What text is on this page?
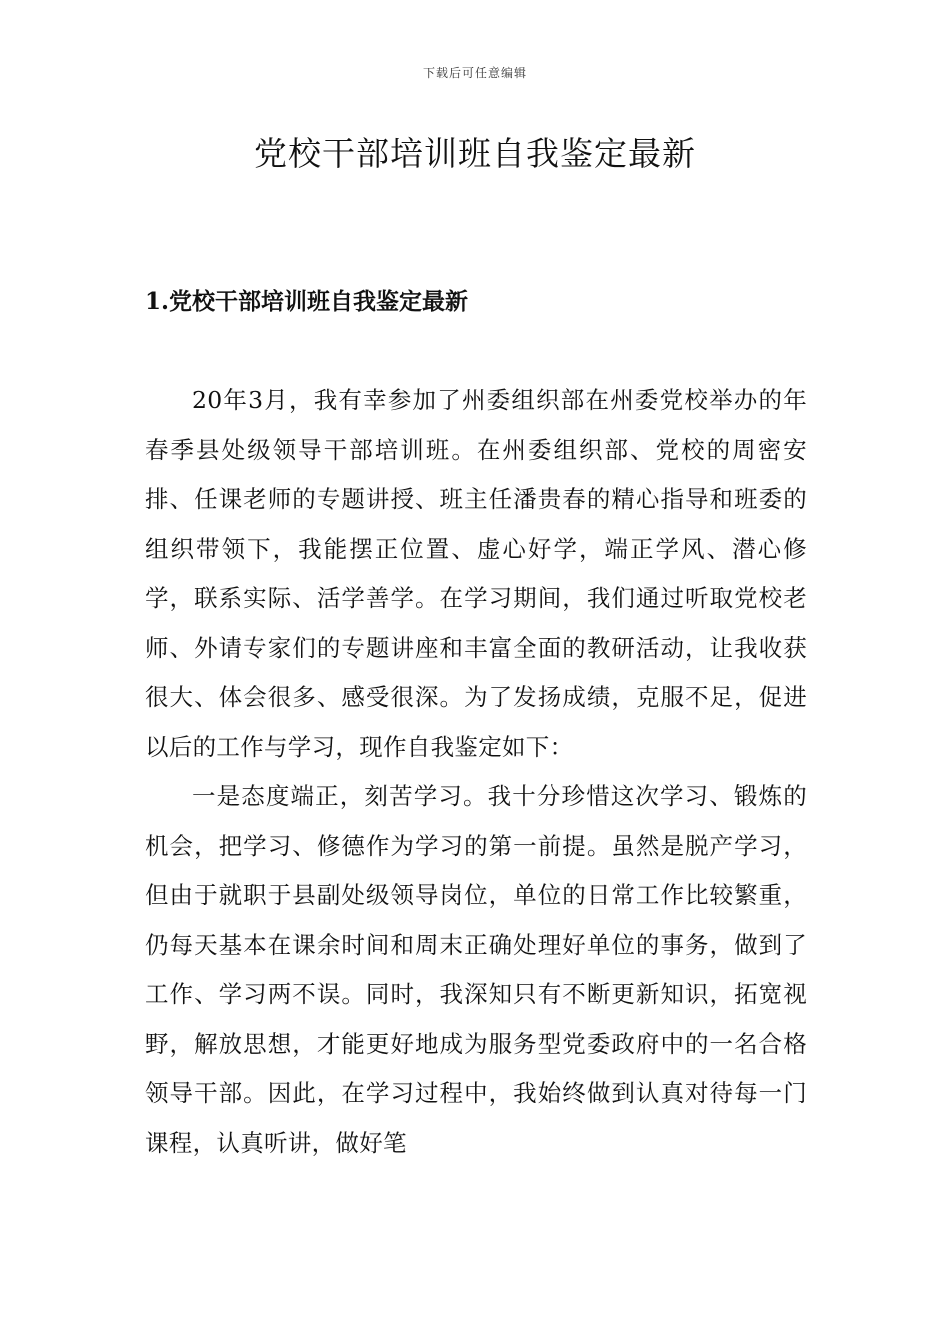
下载后可任意编辑
党校干部培训班自我鉴定最新
1.党校干部培训班自我鉴定最新

20年3月，我有幸参加了州委组织部在州委党校举办的年春季县处级领导干部培训班。在州委组织部、党校的周密安排、任课老师的专题讲授、班主任潘贵春的精心指导和班委的组织带领下，我能摆正位置、虚心好学，端正学风、潜心修学，联系实际、活学善学。在学习期间，我们通过听取党校老师、外请专家们的专题讲座和丰富全面的教研活动，让我收获很大、体会很多、感受很深。为了发扬成绩，克服不足，促进以后的工作与学习，现作自我鉴定如下：

一是态度端正，刻苦学习。我十分珍惜这次学习、锻炼的机会，把学习、修德作为学习的第一前提。虽然是脱产学习，但由于就职于县副处级领导岗位，单位的日常工作比较繁重，仍每天基本在课余时间和周末正确处理好单位的事务，做到了工作、学习两不误。同时，我深知只有不断更新知识，拓宽视野，解放思想，才能更好地成为服务型党委政府中的一名合格领导干部。因此，在学习过程中，我始终做到认真对待每一门课程，认真听讲，做好笔
